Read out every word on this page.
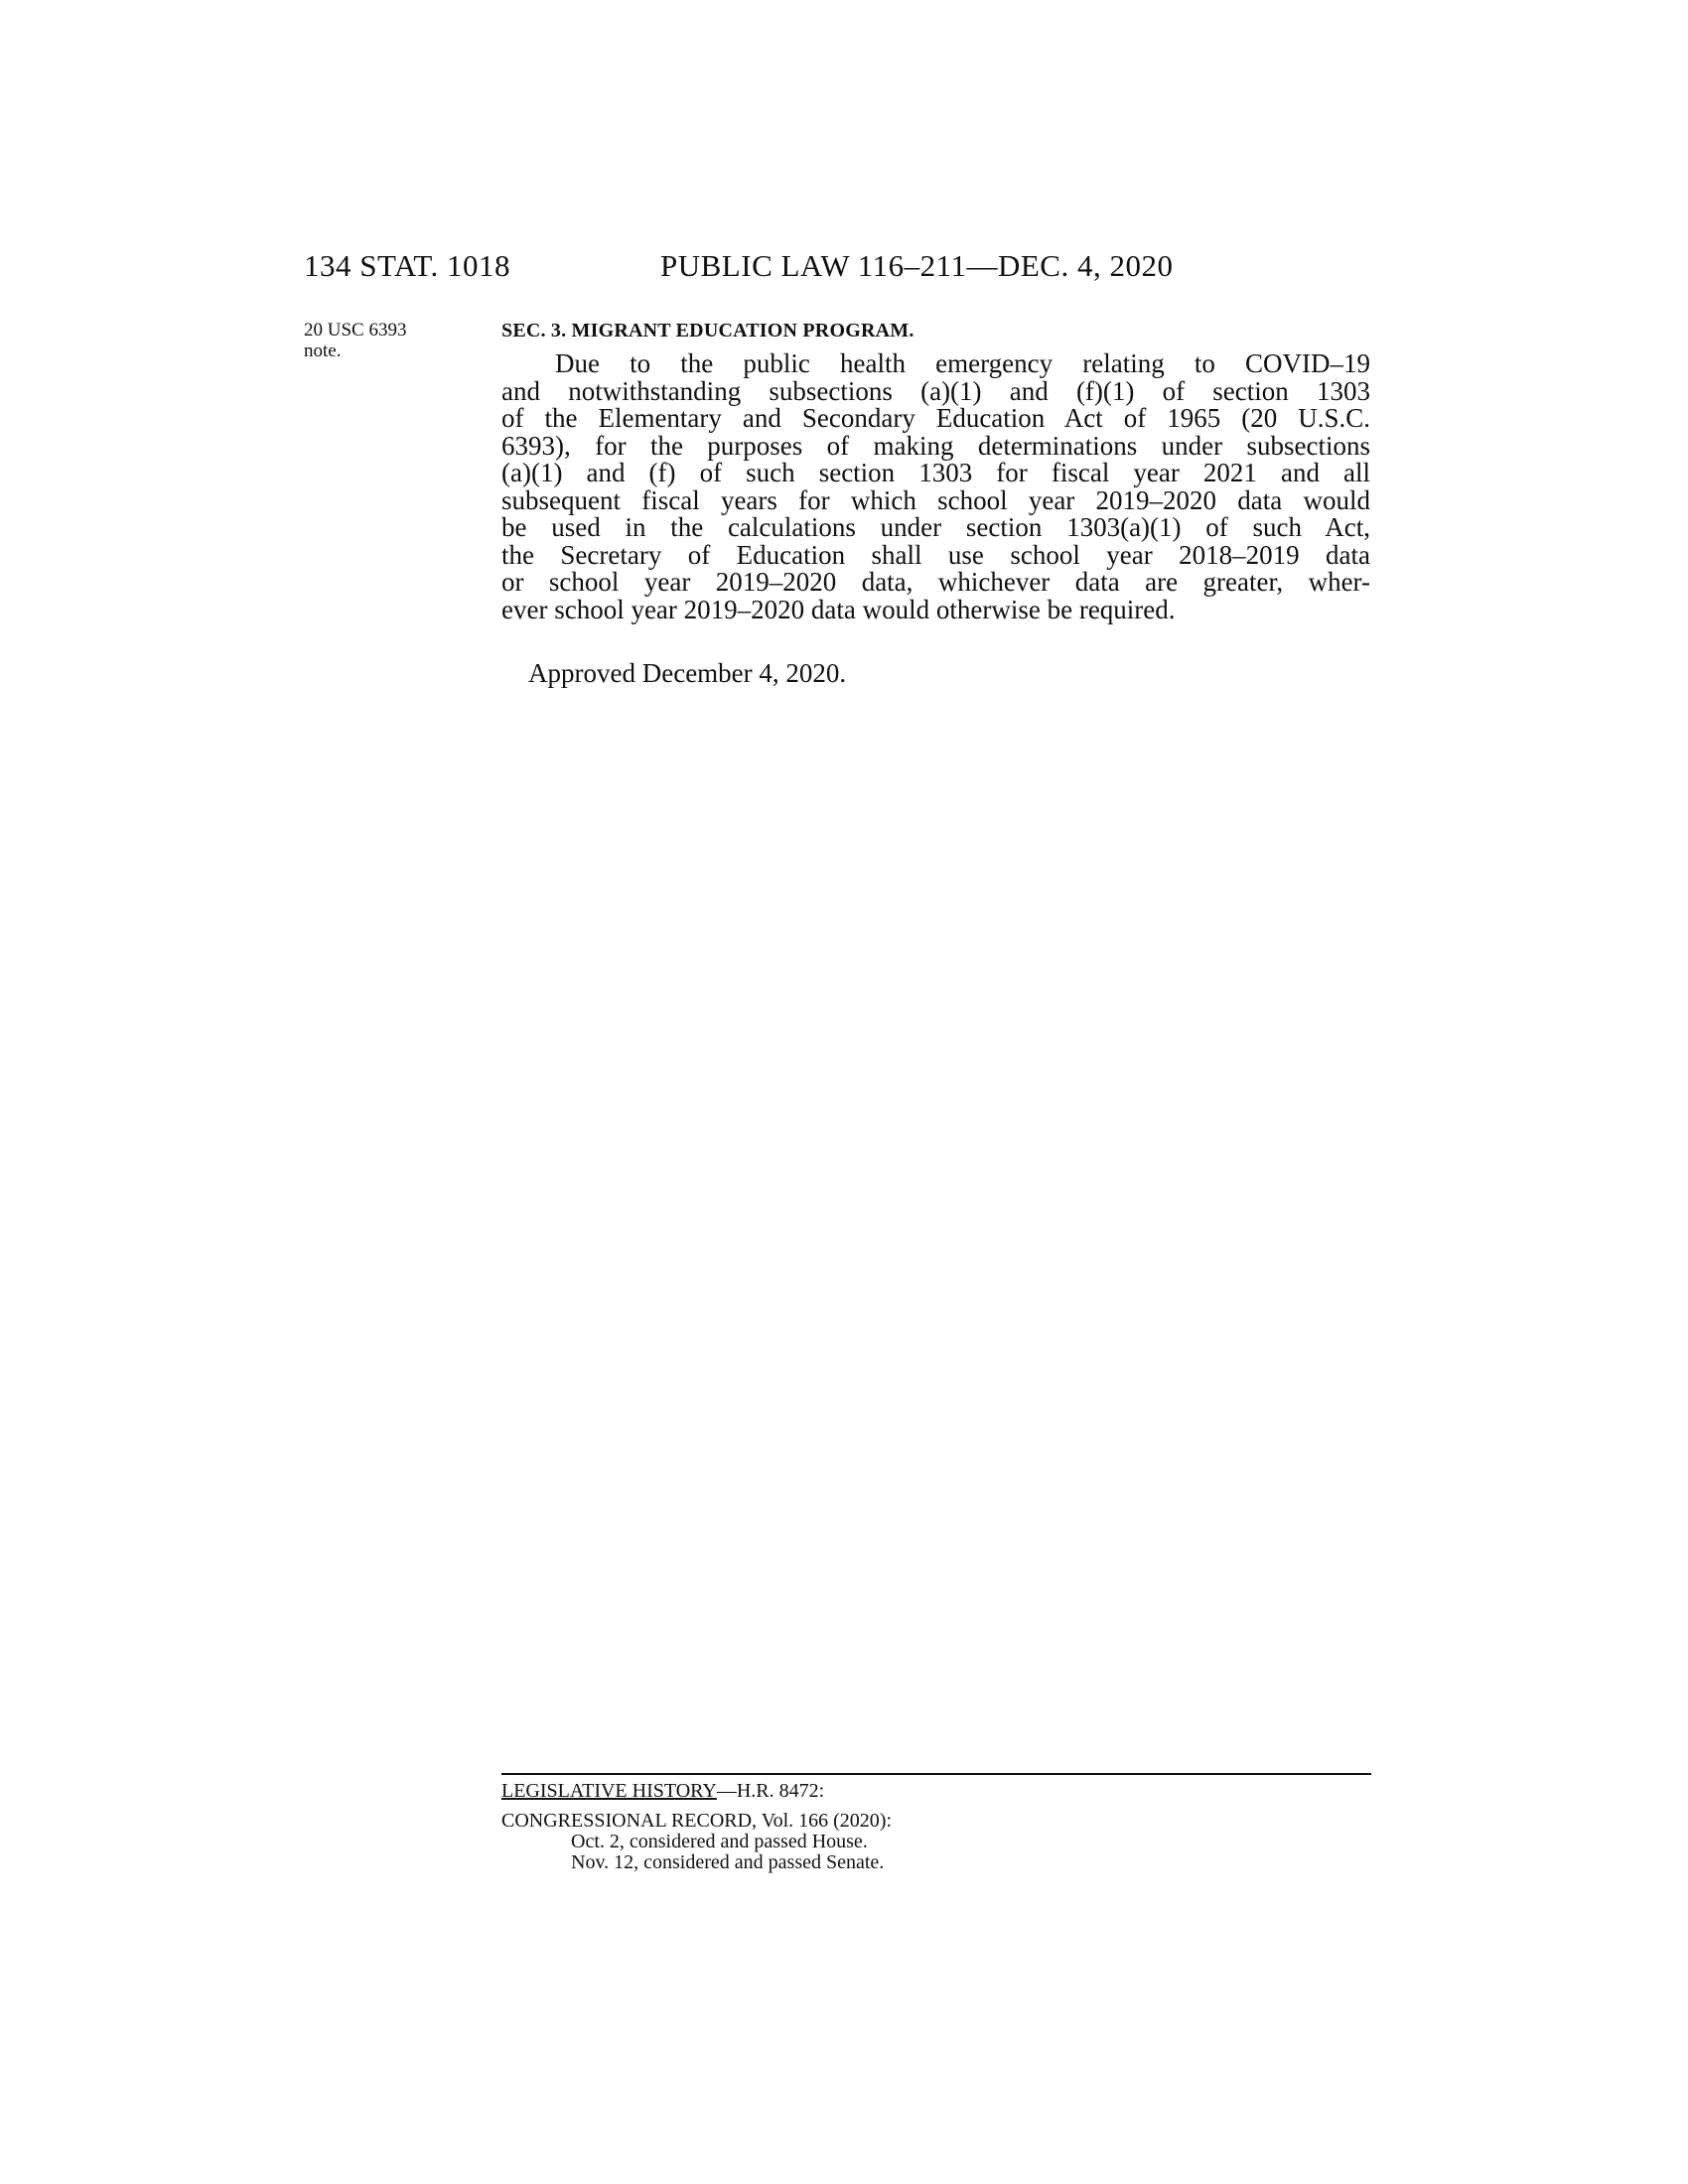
134 STAT. 1018	PUBLIC LAW 116–211—DEC. 4, 2020
20 USC 6393
note.
SEC. 3. MIGRANT EDUCATION PROGRAM.
Due to the public health emergency relating to COVID–19
and notwithstanding subsections (a)(1) and (f)(1) of section 1303
of the Elementary and Secondary Education Act of 1965 (20 U.S.C.
6393), for the purposes of making determinations under subsections
(a)(1) and (f) of such section 1303 for fiscal year 2021 and all
subsequent fiscal years for which school year 2019–2020 data would
be used in the calculations under section 1303(a)(1) of such Act,
the Secretary of Education shall use school year 2018–2019 data
or school year 2019–2020 data, whichever data are greater, wher-
ever school year 2019–2020 data would otherwise be required.
Approved December 4, 2020.
LEGISLATIVE HISTORY—H.R. 8472:
CONGRESSIONAL RECORD, Vol. 166 (2020):
Oct. 2, considered and passed House.
Nov. 12, considered and passed Senate.
